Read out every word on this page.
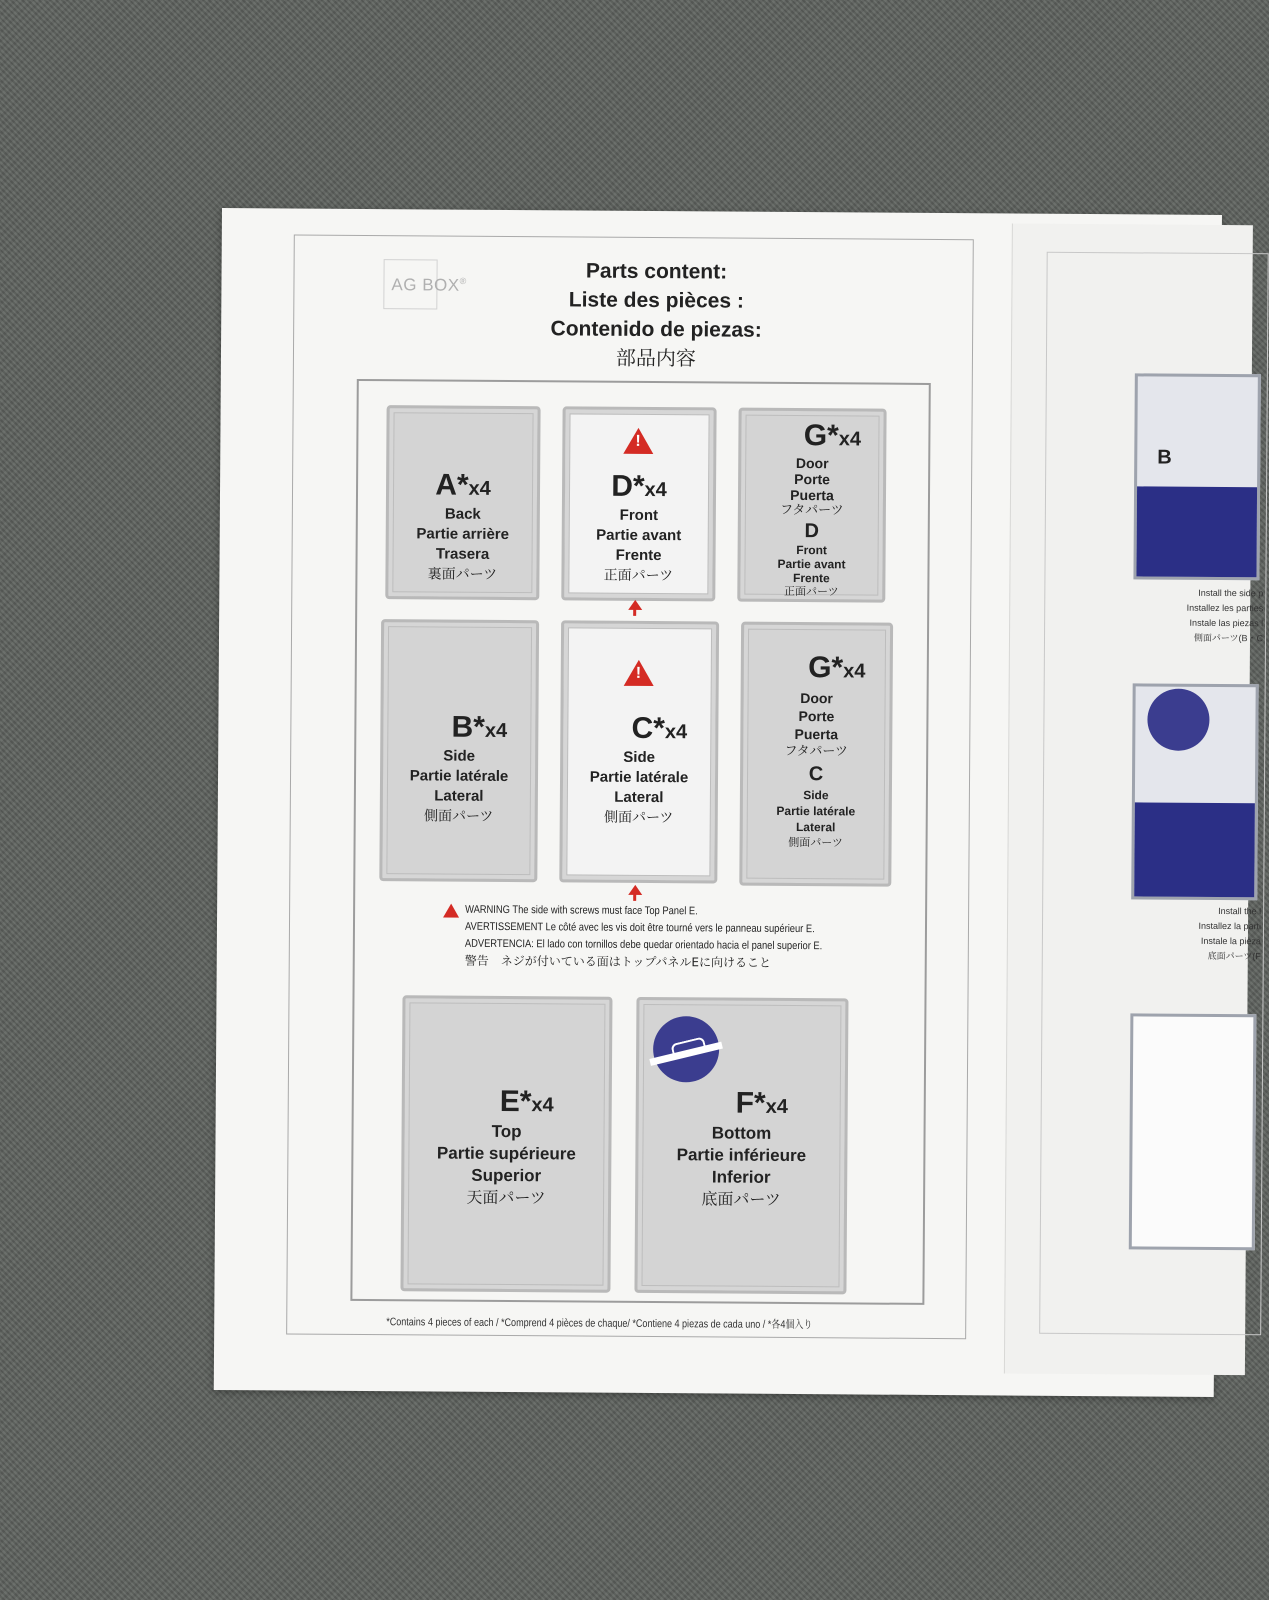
B
Install the side p
Installez les parties
Instale las piezas l
側面パーツ(B・C
Install the l
Installez la parti
Instale la pieza
底面パーツ(F
AG BOX®	Parts content:
Liste des pièces :
Contenido de piezas:
部品内容
A*x4
Back
Partie arrière
Trasera
裏面パーツ
!
D*x4
Front
Partie avant
Frente
正面パーツ
G*x4
Door
Porte
Puerta
フタパーツ
D
Front
Partie avant
Frente
正面パーツ
B*x4
Side
Partie latérale
Lateral
側面パーツ
!
C*x4
Side
Partie latérale
Lateral
側面パーツ
G*x4
Door
Porte
Puerta
フタパーツ
C
Side
Partie latérale
Lateral
側面パーツ
WARNING The side with screws must face Top Panel E.
AVERTISSEMENT Le côté avec les vis doit être tourné vers le panneau supérieur E.
ADVERTENCIA: El lado con tornillos debe quedar orientado hacia el panel superior E.
警告　ネジが付いている面はトップパネルEに向けること
E*x4
Top
Partie supérieure
Superior
天面パーツ
F*x4
Bottom
Partie inférieure
Inferior
底面パーツ
*Contains 4 pieces of each / *Comprend 4 pièces de chaque/ *Contiene 4 piezas de cada uno / *各4個入り
